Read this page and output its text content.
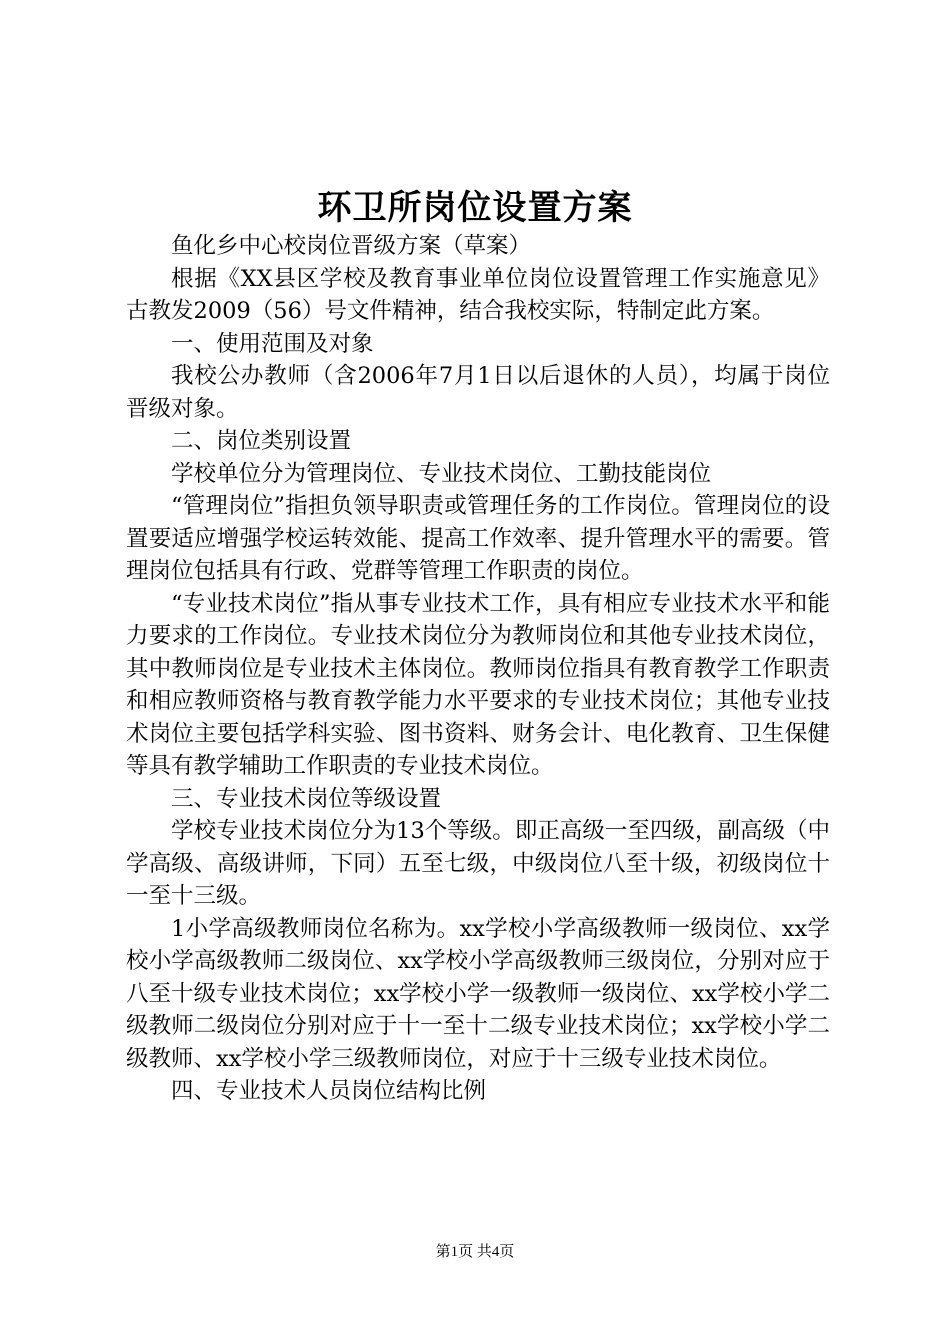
环卫所岗位设置方案

鱼化乡中心校岗位晋级方案（草案）

根据《XX县区学校及教育事业单位岗位设置管理工作实施意见》古教发2009（56）号文件精神，结合我校实际，特制定此方案。

一、使用范围及对象

我校公办教师（含2006年7月1日以后退休的人员），均属于岗位晋级对象。

二、岗位类别设置

学校单位分为管理岗位、专业技术岗位、工勤技能岗位

“管理岗位”指担负领导职责或管理任务的工作岗位。管理岗位的设置要适应增强学校运转效能、提高工作效率、提升管理水平的需要。管理岗位包括具有行政、党群等管理工作职责的岗位。

“专业技术岗位”指从事专业技术工作，具有相应专业技术水平和能力要求的工作岗位。专业技术岗位分为教师岗位和其他专业技术岗位，其中教师岗位是专业技术主体岗位。教师岗位指具有教育教学工作职责和相应教师资格与教育教学能力水平要求的专业技术岗位；其他专业技术岗位主要包括学科实验、图书资料、财务会计、电化教育、卫生保健等具有教学辅助工作职责的专业技术岗位。

三、专业技术岗位等级设置

学校专业技术岗位分为13个等级。即正高级一至四级，副高级（中学高级、高级讲师，下同）五至七级，中级岗位八至十级，初级岗位十一至十三级。

1小学高级教师岗位名称为。xx学校小学高级教师一级岗位、xx学校小学高级教师二级岗位、xx学校小学高级教师三级岗位，分别对应于八至十级专业技术岗位；xx学校小学一级教师一级岗位、xx学校小学二级教师二级岗位分别对应于十一至十二级专业技术岗位；xx学校小学二级教师、xx学校小学三级教师岗位，对应于十三级专业技术岗位。

四、专业技术人员岗位结构比例

第1页 共4页
